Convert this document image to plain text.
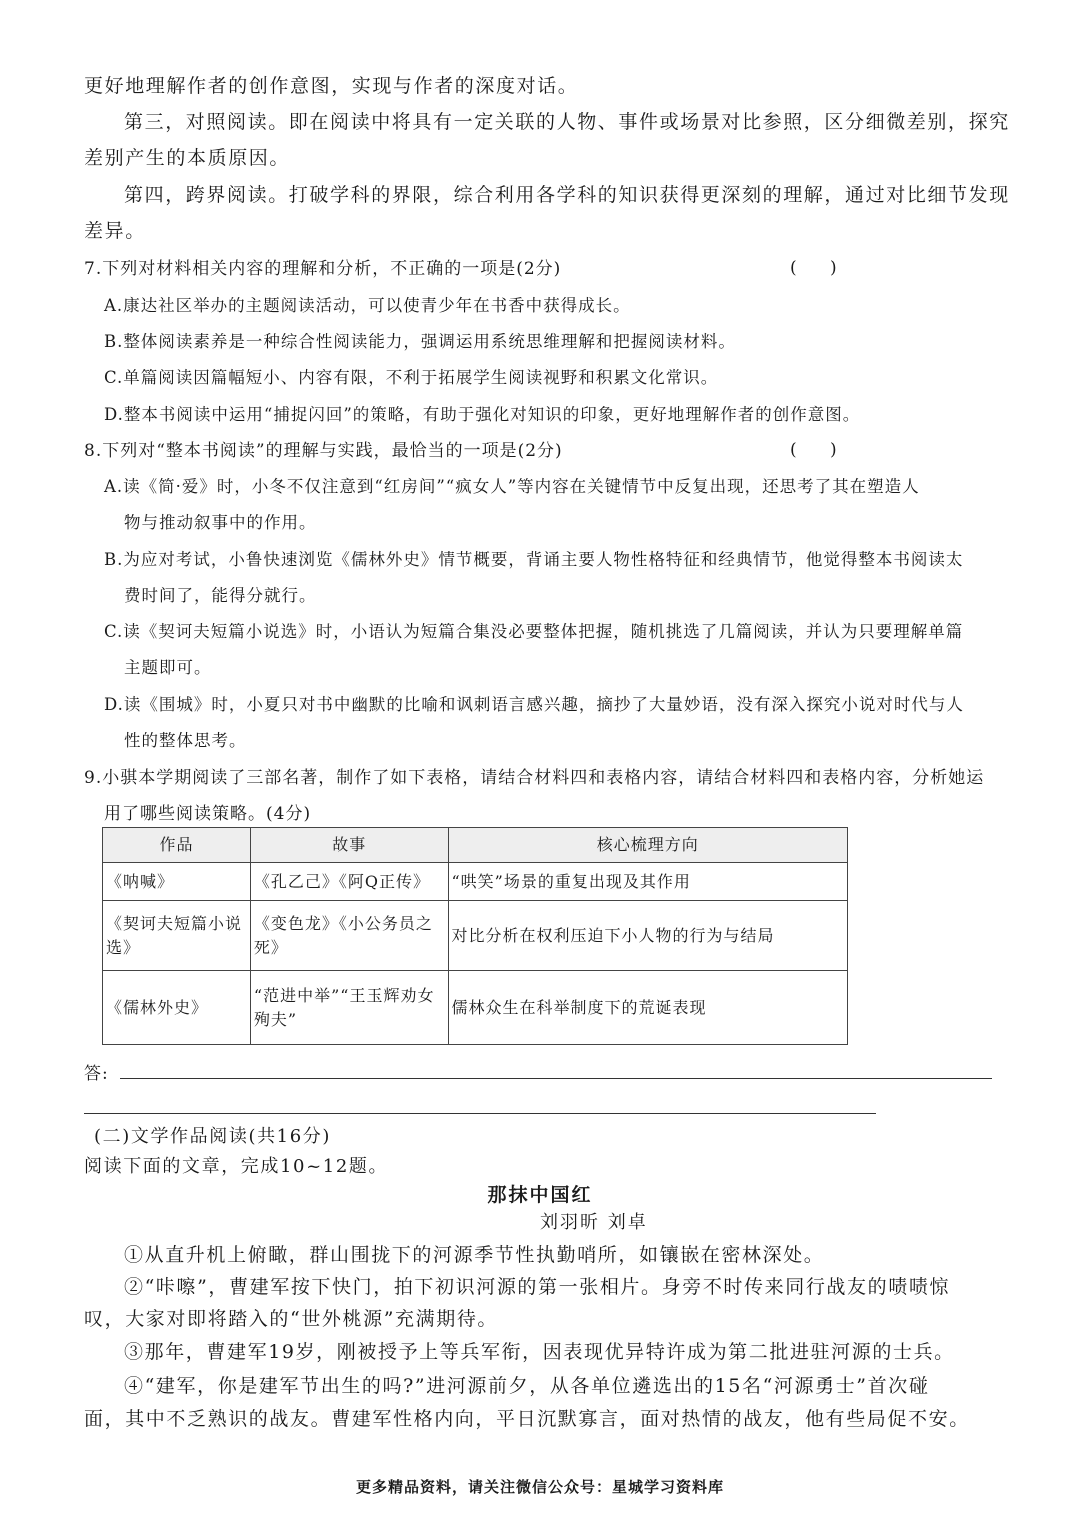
更好地理解作者的创作意图，实现与作者的深度对话。
第三，对照阅读。即在阅读中将具有一定关联的人物、事件或场景对比参照，区分细微差别，探究
差别产生的本质原因。
第四，跨界阅读。打破学科的界限，综合利用各学科的知识获得更深刻的理解，通过对比细节发现
差异。
7.下列对材料相关内容的理解和分析，不正确的一项是(2分)	( )
A.康达社区举办的主题阅读活动，可以使青少年在书香中获得成长。
B.整体阅读素养是一种综合性阅读能力，强调运用系统思维理解和把握阅读材料。
C.单篇阅读因篇幅短小、内容有限，不利于拓展学生阅读视野和积累文化常识。
D.整本书阅读中运用“捕捉闪回”的策略，有助于强化对知识的印象，更好地理解作者的创作意图。
8.下列对“整本书阅读”的理解与实践，最恰当的一项是(2分)	( )
A.读《简·爱》时，小冬不仅注意到“红房间”“疯女人”等内容在关键情节中反复出现，还思考了其在塑造人
物与推动叙事中的作用。
B.为应对考试，小鲁快速浏览《儒林外史》情节概要，背诵主要人物性格特征和经典情节，他觉得整本书阅读太
费时间了，能得分就行。
C.读《契诃夫短篇小说选》时，小语认为短篇合集没必要整体把握，随机挑选了几篇阅读，并认为只要理解单篇
主题即可。
D.读《围城》时，小夏只对书中幽默的比喻和讽刺语言感兴趣，摘抄了大量妙语，没有深入探究小说对时代与人
性的整体思考。
9.小骐本学期阅读了三部名著，制作了如下表格，请结合材料四和表格内容，请结合材料四和表格内容，分析她运
用了哪些阅读策略。(4分)
作品	故事	核心梳理方向
《呐喊》	《孔乙己》《阿Q正传》	“哄笑”场景的重复出现及其作用
《契诃夫短篇小说选》	《变色龙》《小公务员之死》	对比分析在权利压迫下小人物的行为与结局
《儒林外史》	“范进中举”“王玉辉劝女殉夫”	儒林众生在科举制度下的荒诞表现
答:
(二)文学作品阅读(共16分)
阅读下面的文章，完成10~12题。
那抹中国红
刘羽昕 刘卓
①从直升机上俯瞰，群山围拢下的河源季节性执勤哨所，如镶嵌在密林深处。
②“咔嚓”，曹建军按下快门，拍下初识河源的第一张相片。身旁不时传来同行战友的啧啧惊
叹，大家对即将踏入的“世外桃源”充满期待。
③那年，曹建军19岁，刚被授予上等兵军衔，因表现优异特许成为第二批进驻河源的士兵。
④“建军，你是建军节出生的吗?”进河源前夕，从各单位遴选出的15名“河源勇士”首次碰
面，其中不乏熟识的战友。曹建军性格内向，平日沉默寡言，面对热情的战友，他有些局促不安。
更多精品资料，请关注微信公众号：星城学习资料库
